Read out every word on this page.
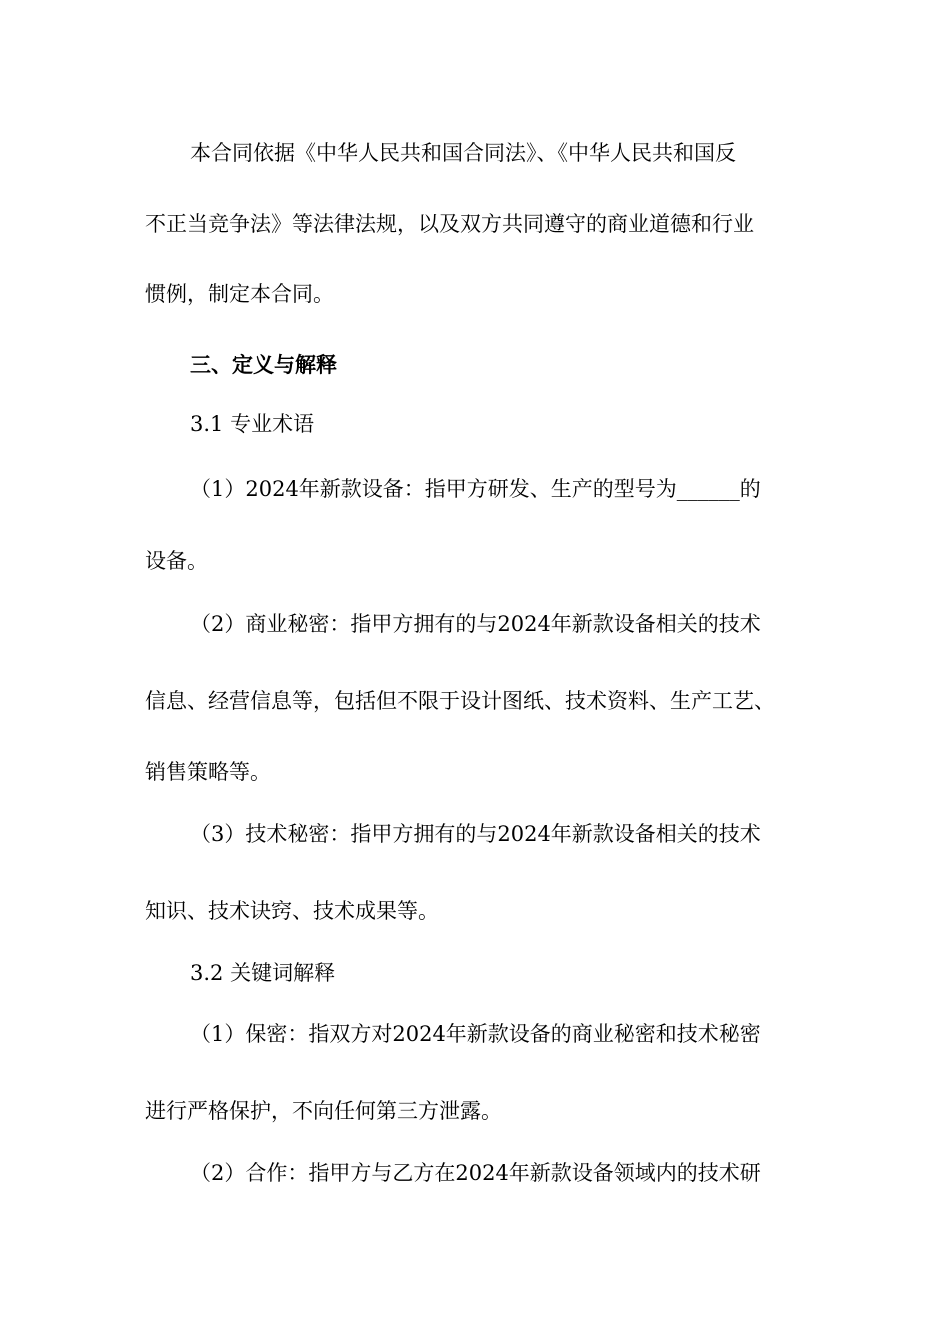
本合同依据《中华人民共和国合同法》、《中华人民共和国反
不正当竞争法》等法律法规，以及双方共同遵守的商业道德和行业
惯例，制定本合同。
三、定义与解释
3.1 专业术语
（1）2024年新款设备：指甲方研发、生产的型号为______的
设备。
（2）商业秘密：指甲方拥有的与2024年新款设备相关的技术
信息、经营信息等，包括但不限于设计图纸、技术资料、生产工艺、
销售策略等。
（3）技术秘密：指甲方拥有的与2024年新款设备相关的技术
知识、技术诀窍、技术成果等。
3.2 关键词解释
（1）保密：指双方对2024年新款设备的商业秘密和技术秘密
进行严格保护，不向任何第三方泄露。
（2）合作：指甲方与乙方在2024年新款设备领域内的技术研
